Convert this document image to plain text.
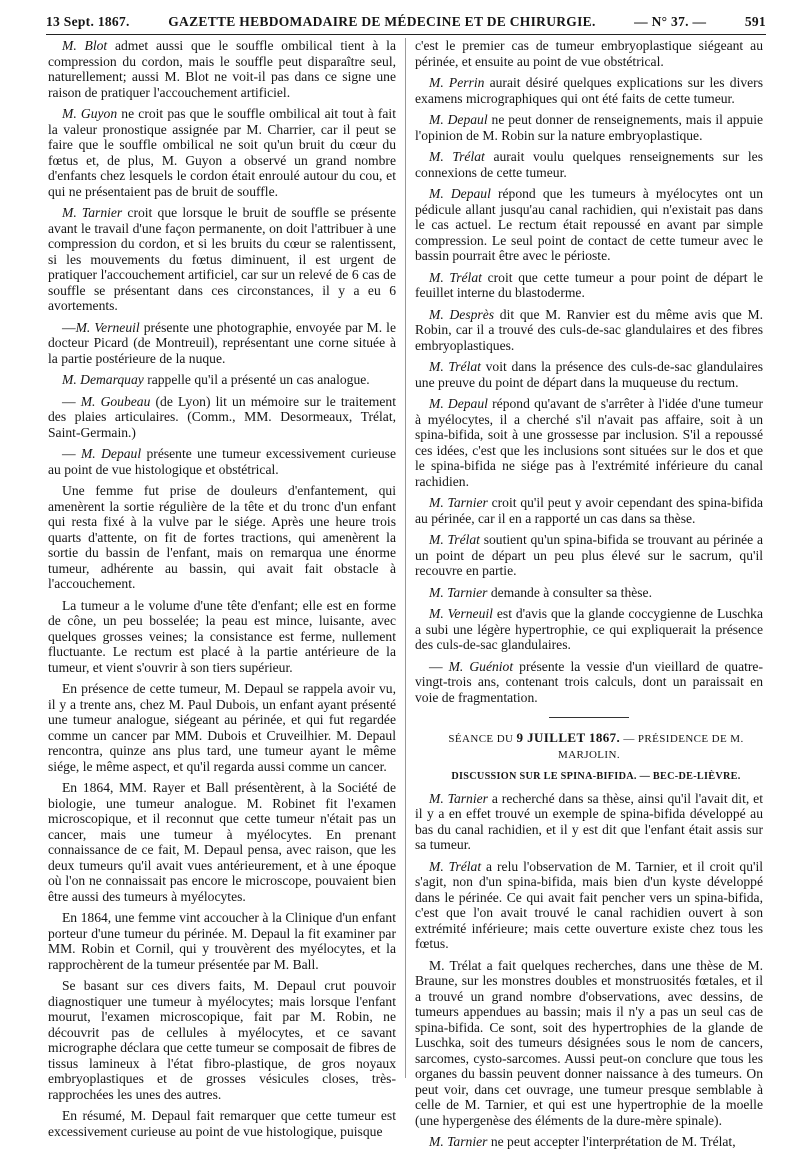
13 Sept. 1867.	GAZETTE HEBDOMADAIRE DE MÉDECINE ET DE CHIRURGIE.	— N° 37. —	591

M. Blot admet aussi que le souffle ombilical tient à la compression du cordon, mais le souffle peut disparaître seul, naturellement; aussi M. Blot ne voit-il pas dans ce signe une raison de pratiquer l'accouchement artificiel.

M. Guyon ne croit pas que le souffle ombilical ait tout à fait la valeur pronostique assignée par M. Charrier, car il peut se faire que le souffle ombilical ne soit qu'un bruit du cœur du fœtus et, de plus, M. Guyon a observé un grand nombre d'enfants chez lesquels le cordon était enroulé autour du cou, et qui ne présentaient pas de bruit de souffle.

M. Tarnier croit que lorsque le bruit de souffle se présente avant le travail d'une façon permanente, on doit l'attribuer à une compression du cordon, et si les bruits du cœur se ralentissent, si les mouvements du fœtus diminuent, il est urgent de pratiquer l'accouchement artificiel, car sur un relevé de 6 cas de souffle se présentant dans ces circonstances, il y a eu 6 avortements.

—M. Verneuil présente une photographie, envoyée par M. le docteur Picard (de Montreuil), représentant une corne située à la partie postérieure de la nuque.

M. Demarquay rappelle qu'il a présenté un cas analogue.

— M. Goubeau (de Lyon) lit un mémoire sur le traitement des plaies articulaires. (Comm., MM. Desormeaux, Trélat, Saint-Germain.)

— M. Depaul présente une tumeur excessivement curieuse au point de vue histologique et obstétrical.

Une femme fut prise de douleurs d'enfantement, qui amenèrent la sortie régulière de la tête et du tronc d'un enfant qui resta fixé à la vulve par le siége. Après une heure trois quarts d'attente, on fit de fortes tractions, qui amenèrent la sortie du bassin de l'enfant, mais on remarqua une énorme tumeur, adhérente au bassin, qui avait fait obstacle à l'accouchement.

La tumeur a le volume d'une tête d'enfant; elle est en forme de cône, un peu bosselée; la peau est mince, luisante, avec quelques grosses veines; la consistance est ferme, nullement fluctuante. Le rectum est placé à la partie antérieure de la tumeur, et vient s'ouvrir à son tiers supérieur.

En présence de cette tumeur, M. Depaul se rappela avoir vu, il y a trente ans, chez M. Paul Dubois, un enfant ayant présenté une tumeur analogue, siégeant au périnée, et qui fut regardée comme un cancer par MM. Dubois et Cruveilhier. M. Depaul rencontra, quinze ans plus tard, une tumeur ayant le même siége, le même aspect, et qu'il regarda aussi comme un cancer.

En 1864, MM. Rayer et Ball présentèrent, à la Société de biologie, une tumeur analogue. M. Robinet fit l'examen microscopique, et il reconnut que cette tumeur n'était pas un cancer, mais une tumeur à myélocytes. En prenant connaissance de ce fait, M. Depaul pensa, avec raison, que les deux tumeurs qu'il avait vues antérieurement, et à une époque où l'on ne connaissait pas encore le microscope, pouvaient bien être aussi des tumeurs à myélocytes.

En 1864, une femme vint accoucher à la Clinique d'un enfant porteur d'une tumeur du périnée. M. Depaul la fit examiner par MM. Robin et Cornil, qui y trouvèrent des myélocytes, et la rapprochèrent de la tumeur présentée par M. Ball.

Se basant sur ces divers faits, M. Depaul crut pouvoir diagnostiquer une tumeur à myélocytes; mais lorsque l'enfant mourut, l'examen microscopique, fait par M. Robin, ne découvrit pas de cellules à myélocytes, et ce savant micrographe déclara que cette tumeur se composait de fibres de tissus lamineux à l'état fibro-plastique, de gros noyaux embryoplastiques et de grosses vésicules closes, très-rapprochées les unes des autres.

En résumé, M. Depaul fait remarquer que cette tumeur est excessivement curieuse au point de vue histologique, puisque

c'est le premier cas de tumeur embryoplastique siégeant au périnée, et ensuite au point de vue obstétrical.

M. Perrin aurait désiré quelques explications sur les divers examens micrographiques qui ont été faits de cette tumeur.

M. Depaul ne peut donner de renseignements, mais il appuie l'opinion de M. Robin sur la nature embryoplastique.

M. Trélat aurait voulu quelques renseignements sur les connexions de cette tumeur.

M. Depaul répond que les tumeurs à myélocytes ont un pédicule allant jusqu'au canal rachidien, qui n'existait pas dans le cas actuel. Le rectum était repoussé en avant par simple compression. Le seul point de contact de cette tumeur avec le bassin pourrait être avec le périoste.

M. Trélat croit que cette tumeur a pour point de départ le feuillet interne du blastoderme.

M. Desprès dit que M. Ranvier est du même avis que M. Robin, car il a trouvé des culs-de-sac glandulaires et des fibres embryoplastiques.

M. Trélat voit dans la présence des culs-de-sac glandulaires une preuve du point de départ dans la muqueuse du rectum.

M. Depaul répond qu'avant de s'arrêter à l'idée d'une tumeur à myélocytes, il a cherché s'il n'avait pas affaire, soit à un spina-bifida, soit à une grossesse par inclusion. S'il a repoussé ces idées, c'est que les inclusions sont situées sur le dos et que le spina-bifida ne siége pas à l'extrémité inférieure du canal rachidien.

M. Tarnier croit qu'il peut y avoir cependant des spina-bifida au périnée, car il en a rapporté un cas dans sa thèse.

M. Trélat soutient qu'un spina-bifida se trouvant au périnée a un point de départ un peu plus élevé sur le sacrum, qu'il recouvre en partie.

M. Tarnier demande à consulter sa thèse.

M. Verneuil est d'avis que la glande coccygienne de Luschka a subi une légère hypertrophie, ce qui expliquerait la présence des culs-de-sac glandulaires.

— M. Guéniot présente la vessie d'un vieillard de quatre-vingt-trois ans, contenant trois calculs, dont un paraissait en voie de fragmentation.

SÉANCE DU 9 JUILLET 1867. — PRÉSIDENCE DE M. MARJOLIN.

DISCUSSION SUR LE SPINA-BIFIDA. — BEC-DE-LIÈVRE.

M. Tarnier a recherché dans sa thèse, ainsi qu'il l'avait dit, et il y a en effet trouvé un exemple de spina-bifida développé au bas du canal rachidien, et il y est dit que l'enfant était assis sur sa tumeur.

M. Trélat a relu l'observation de M. Tarnier, et il croit qu'il s'agit, non d'un spina-bifida, mais bien d'un kyste développé dans le périnée. Ce qui avait fait pencher vers un spina-bifida, c'est que l'on avait trouvé le canal rachidien ouvert à son extrémité inférieure; mais cette ouverture existe chez tous les fœtus.

M. Trélat a fait quelques recherches, dans une thèse de M. Braune, sur les monstres doubles et monstruosités fœtales, et il a trouvé un grand nombre d'observations, avec dessins, de tumeurs appendues au bassin; mais il n'y a pas un seul cas de spina-bifida. Ce sont, soit des hypertrophies de la glande de Luschka, soit des tumeurs désignées sous le nom de cancers, sarcomes, cysto-sarcomes. Aussi peut-on conclure que tous les organes du bassin peuvent donner naissance à des tumeurs. On peut voir, dans cet ouvrage, une tumeur presque semblable à celle de M. Tarnier, et qui est une hypertrophie de la moelle (une hypergenèse des éléments de la dure-mère spinale).

M. Tarnier ne peut accepter l'interprétation de M. Trélat,
